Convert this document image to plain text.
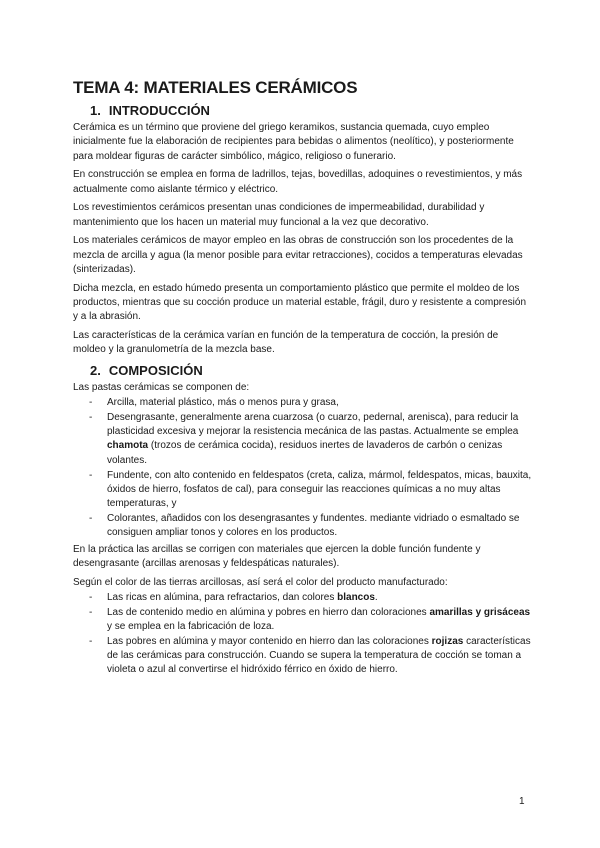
TEMA 4: MATERIALES CERÁMICOS
1. INTRODUCCIÓN

Cerámica es un término que proviene del griego keramikos, sustancia quemada, cuyo empleo inicialmente fue la elaboración de recipientes para bebidas o alimentos (neolítico), y posteriormente para moldear figuras de carácter simbólico, mágico, religioso o funerario.

En construcción se emplea en forma de ladrillos, tejas, bovedillas, adoquines o revestimientos, y más actualmente como aislante térmico y eléctrico.

Los revestimientos cerámicos presentan unas condiciones de impermeabilidad, durabilidad y mantenimiento que los hacen un material muy funcional a la vez que decorativo.

Los materiales cerámicos de mayor empleo en las obras de construcción son los procedentes de la mezcla de arcilla y agua (la menor posible para evitar retracciones), cocidos a temperaturas elevadas (sinterizadas).

Dicha mezcla, en estado húmedo presenta un comportamiento plástico que permite el moldeo de los productos, mientras que su cocción produce un material estable, frágil, duro y resistente a compresión y a la abrasión.

Las características de la cerámica varían en función de la temperatura de cocción, la presión de moldeo y la granulometría de la mezcla base.

2. COMPOSICIÓN

Las pastas cerámicas se componen de:

- Arcilla, material plástico, más o menos pura y grasa,
- Desengrasante, generalmente arena cuarzosa (o cuarzo, pedernal, arenisca), para reducir la plasticidad excesiva y mejorar la resistencia mecánica de las pastas. Actualmente se emplea chamota (trozos de cerámica cocida), residuos inertes de lavaderos de carbón o cenizas volantes.
- Fundente, con alto contenido en feldespatos (creta, caliza, mármol, feldespatos, micas, bauxita, óxidos de hierro, fosfatos de cal), para conseguir las reacciones químicas a no muy altas temperaturas, y
- Colorantes, añadidos con los desengrasantes y fundentes. mediante vidriado o esmaltado se consiguen ampliar tonos y colores en los productos.

En la práctica las arcillas se corrigen con materiales que ejercen la doble función fundente y desengrasante (arcillas arenosas y feldespáticas naturales).

Según el color de las tierras arcillosas, así será el color del producto manufacturado:

- Las ricas en alúmina, para refractarios, dan colores blancos.
- Las de contenido medio en alúmina y pobres en hierro dan coloraciones amarillas y grisáceas y se emplea en la fabricación de loza.
- Las pobres en alúmina y mayor contenido en hierro dan las coloraciones rojizas características de las cerámicas para construcción. Cuando se supera la temperatura de cocción se toman a violeta o azul al convertirse el hidróxido férrico en óxido de hierro.
1
